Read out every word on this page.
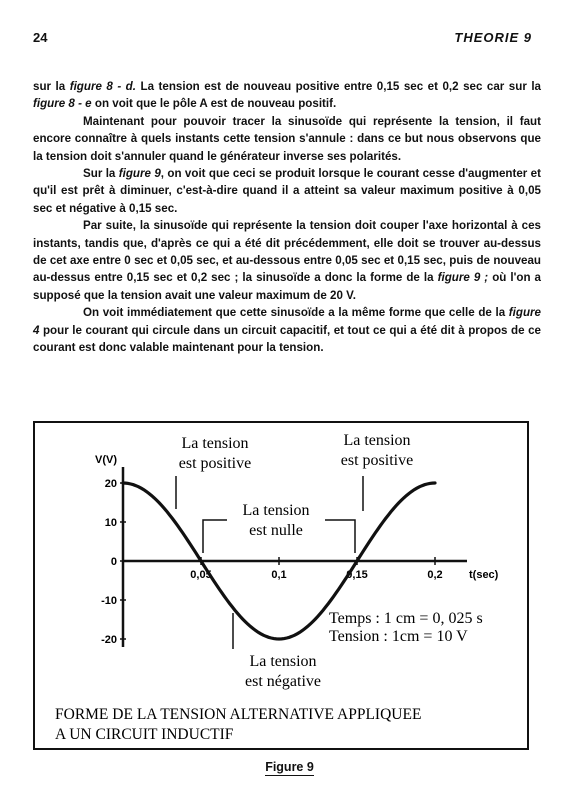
24	THEORIE 9

sur la figure 8 - d. La tension est de nouveau positive entre 0,15 sec et 0,2 sec car sur la figure 8 - e on voit que le pôle A est de nouveau positif.

Maintenant pour pouvoir tracer la sinusoïde qui représente la tension, il faut encore connaître à quels instants cette tension s'annule : dans ce but nous observons que la tension doit s'annuler quand le générateur inverse ses polarités.

Sur la figure 9, on voit que ceci se produit lorsque le courant cesse d'augmenter et qu'il est prêt à diminuer, c'est-à-dire quand il a atteint sa valeur maximum positive à 0,05 sec et négative à 0,15 sec.

Par suite, la sinusoïde qui représente la tension doit couper l'axe horizontal à ces instants, tandis que, d'après ce qui a été dit précédemment, elle doit se trouver au-dessus de cet axe entre 0 sec et 0,05 sec, et au-dessous entre 0,05 sec et 0,15 sec, puis de nouveau au-dessus entre 0,15 sec et 0,2 sec ; la sinusoïde a donc la forme de la figure 9 ; où l'on a supposé que la tension avait une valeur maximum de 20 V.

On voit immédiatement que cette sinusoïde a la même forme que celle de la figure 4 pour le courant qui circule dans un circuit capacitif, et tout ce qui a été dit à propos de ce courant est donc valable maintenant pour la tension.

V(V)
t(sec)
20
10
0
-10
-20
0,05	0,1	0,15	0,2
La tension
est positive
La tension
est positive
La tension
est nulle
La tension
est négative
Temps : 1 cm = 0, 025 s
Tension : 1cm = 10 V
FORME DE LA TENSION ALTERNATIVE APPLIQUEE
A UN CIRCUIT INDUCTIF
Figure 9
